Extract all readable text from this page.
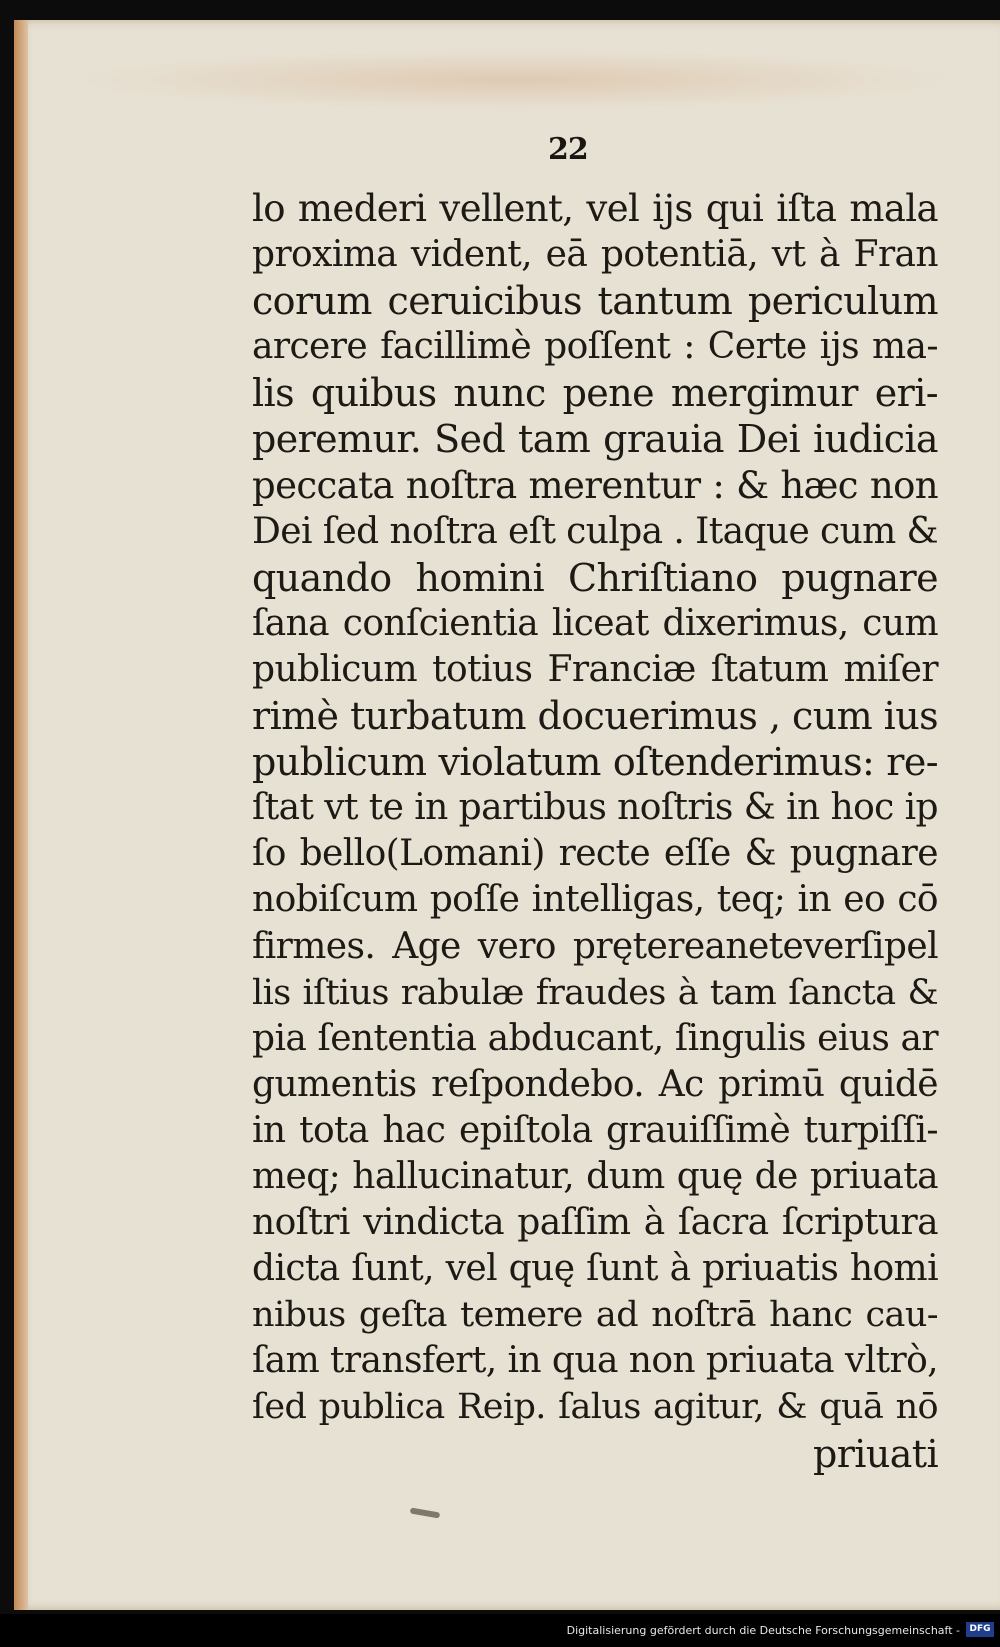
22
lo mederi vellent, vel ijs qui iſta mala
proxima vident, eā potentiā, vt à Fran
corum ceruicibus tantum periculum
arcere facillimè poſſent : Certe ijs ma-
lis quibus nunc pene mergimur eri-
peremur. Sed tam grauia Dei iudicia
peccata noſtra merentur : & hæc non
Dei ſed noſtra eſt culpa . Itaque cum &
quando homini Chriſtiano pugnare
ſana conſcientia liceat dixerimus, cum
publicum totius Franciæ ſtatum miſer
rimè turbatum docuerimus , cum ius
publicum violatum oſtenderimus: re-
ſtat vt te in partibus noſtris & in hoc ip
ſo bello(Lomani) recte eſſe & pugnare
nobiſcum poſſe intelligas, teq; in eo cō
firmes. Age vero prętereaneteverſipel
lis iſtius rabulæ fraudes à tam ſancta &
pia ſententia abducant, ſingulis eius ar
gumentis reſpondebo. Ac primū quidē
in tota hac epiſtola grauiſſimè turpiſſi-
meq; hallucinatur, dum quę de priuata
noſtri vindicta paſſim à ſacra ſcriptura
dicta ſunt, vel quę ſunt à priuatis homi
nibus geſta temere ad noſtrā hanc cau-
ſam transfert, in qua non priuata vltrò,
ſed publica Reip. ſalus agitur, & quā nō
priuati
Digitalisierung gefördert durch die Deutsche Forschungsgemeinschaft -	DFG
